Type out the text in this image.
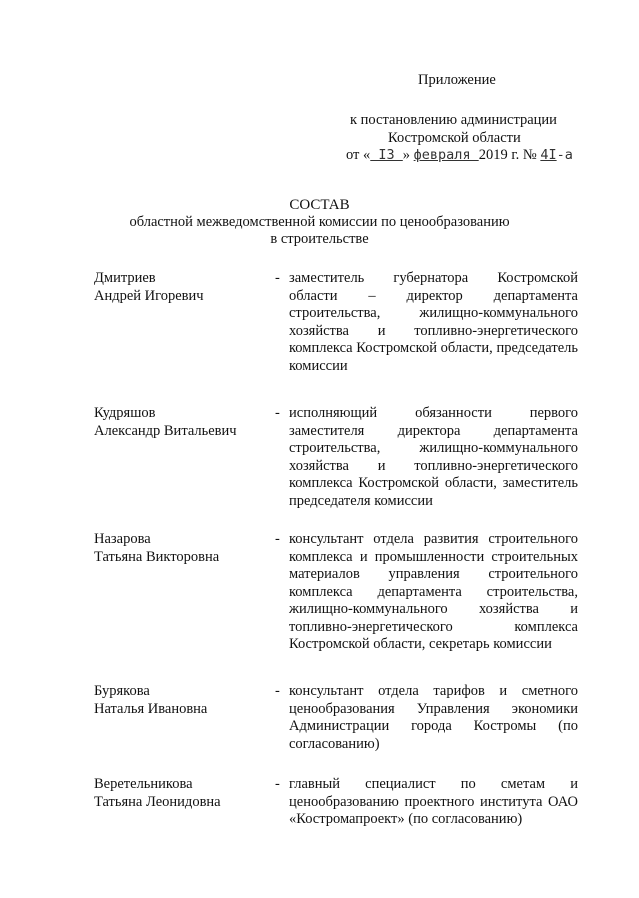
Приложение
к постановлению администрации
Костромской области
от « I3 » февраля 2019 г. № 4I-а
СОСТАВ
областной межведомственной комиссии по ценообразованию
в строительстве
Дмитриев
Андрей Игоревич
- заместитель губернатора Костромской области – директор департамента строительства, жилищно-коммунального хозяйства и топливно-энергетического комплекса Костромской области, председатель комиссии
Кудряшов
Александр Витальевич
- исполняющий обязанности первого заместителя директора департамента строительства, жилищно-коммунального хозяйства и топливно-энергетического комплекса Костромской области, заместитель председателя комиссии
Назарова
Татьяна Викторовна
- консультант отдела развития строительного комплекса и промышленности строительных материалов управления строительного комплекса департамента строительства, жилищно-коммунального хозяйства и топливно-энергетического комплекса Костромской области, секретарь комиссии
Бурякова
Наталья Ивановна
- консультант отдела тарифов и сметного ценообразования Управления экономики Администрации города Костромы (по согласованию)
Веретельникова
Татьяна Леонидовна
- главный специалист по сметам и ценообразованию проектного института ОАО «Костромапроект» (по согласованию)
